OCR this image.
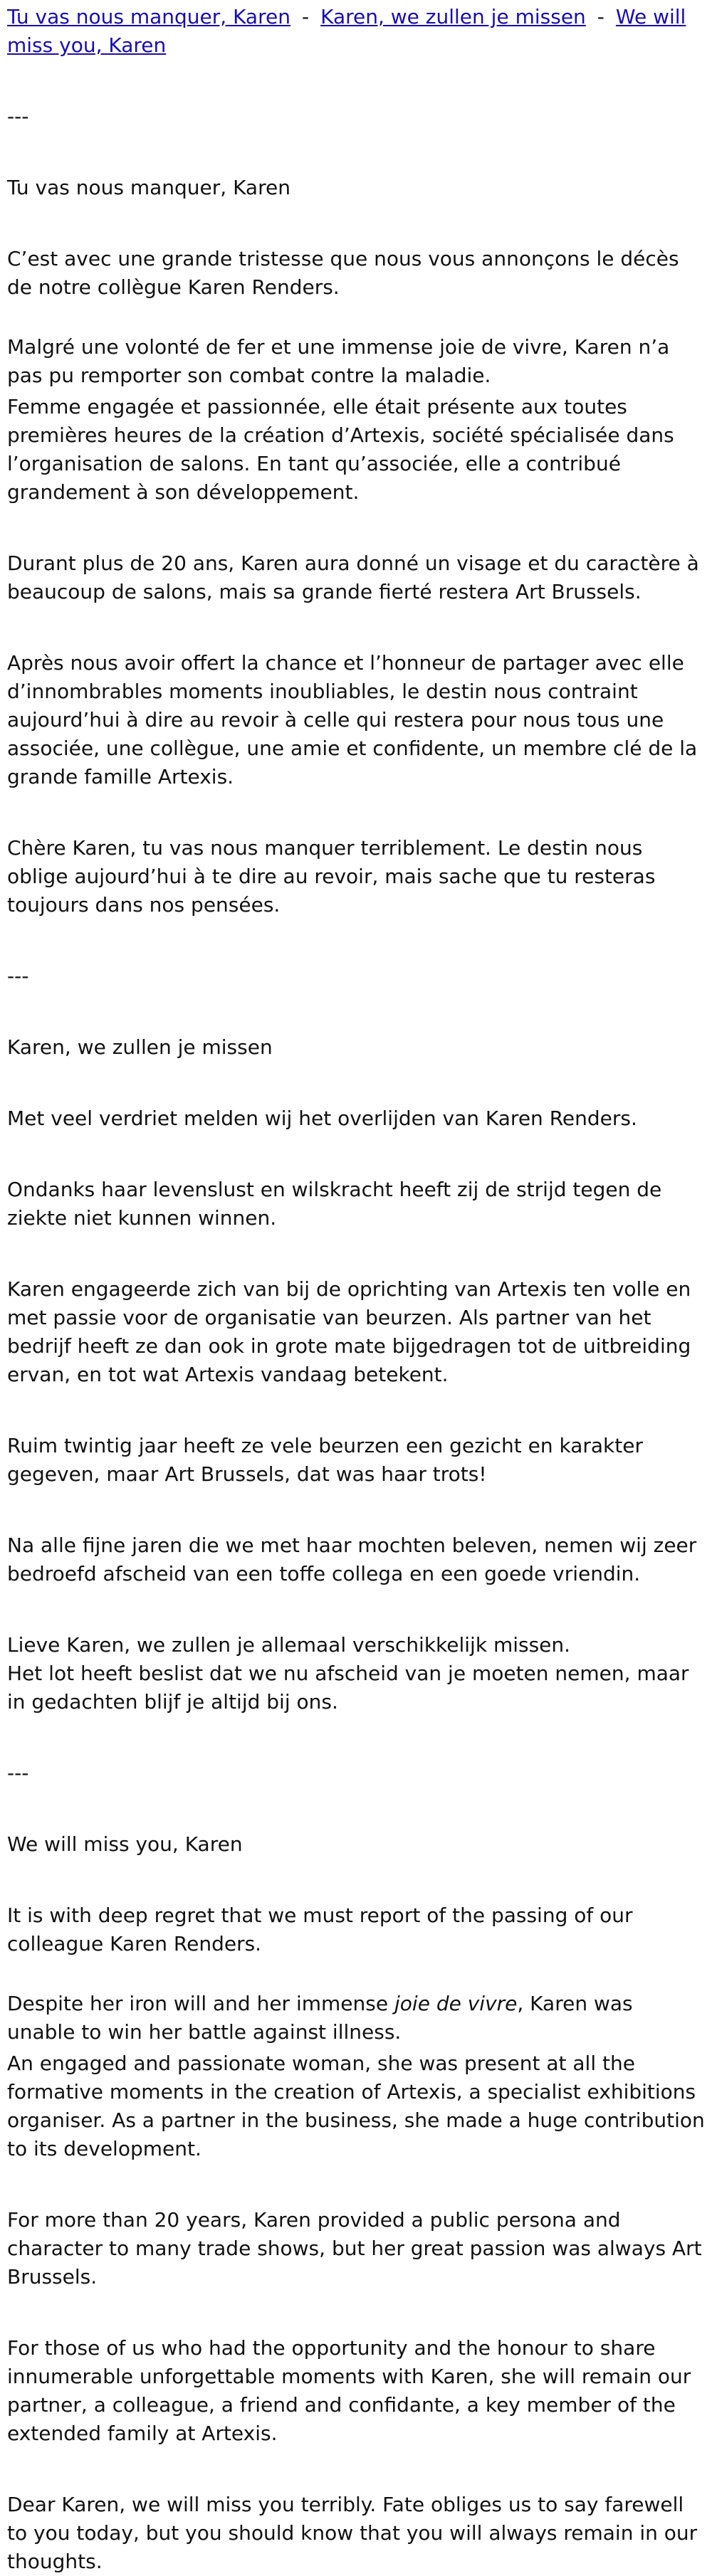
Tu vas nous manquer, Karen - Karen, we zullen je missen - We will miss you, Karen
---
Tu vas nous manquer, Karen

C’est avec une grande tristesse que nous vous annonçons le décès de notre collègue Karen Renders.

Malgré une volonté de fer et une immense joie de vivre, Karen n’a pas pu remporter son combat contre la maladie.

Femme engagée et passionnée, elle était présente aux toutes premières heures de la création d’Artexis, société spécialisée dans l’organisation de salons. En tant qu’associée, elle a contribué grandement à son développement.

Durant plus de 20 ans, Karen aura donné un visage et du caractère à beaucoup de salons, mais sa grande fierté restera Art Brussels.

Après nous avoir offert la chance et l’honneur de partager avec elle d’innombrables moments inoubliables, le destin nous contraint aujourd’hui à dire au revoir à celle qui restera pour nous tous une associée, une collègue, une amie et confidente, un membre clé de la grande famille Artexis.

Chère Karen, tu vas nous manquer terriblement. Le destin nous oblige aujourd’hui à te dire au revoir, mais sache que tu resteras toujours dans nos pensées.

---
Karen, we zullen je missen

Met veel verdriet melden wij het overlijden van Karen Renders.

Ondanks haar levenslust en wilskracht heeft zij de strijd tegen de ziekte niet kunnen winnen.

Karen engageerde zich van bij de oprichting van Artexis ten volle en met passie voor de organisatie van beurzen. Als partner van het bedrijf heeft ze dan ook in grote mate bijgedragen tot de uitbreiding ervan, en tot wat Artexis vandaag betekent.

Ruim twintig jaar heeft ze vele beurzen een gezicht en karakter gegeven, maar Art Brussels, dat was haar trots!

Na alle fijne jaren die we met haar mochten beleven, nemen wij zeer bedroefd afscheid van een toffe collega en een goede vriendin.

Lieve Karen, we zullen je allemaal verschikkelijk missen.
Het lot heeft beslist dat we nu afscheid van je moeten nemen, maar in gedachten blijf je altijd bij ons.

---
We will miss you, Karen

It is with deep regret that we must report of the passing of our colleague Karen Renders.

Despite her iron will and her immense joie de vivre, Karen was unable to win her battle against illness.

An engaged and passionate woman, she was present at all the formative moments in the creation of Artexis, a specialist exhibitions organiser. As a partner in the business, she made a huge contribution to its development.

For more than 20 years, Karen provided a public persona and character to many trade shows, but her great passion was always Art Brussels.

For those of us who had the opportunity and the honour to share innumerable unforgettable moments with Karen, she will remain our partner, a colleague, a friend and confidante, a key member of the extended family at Artexis.

Dear Karen, we will miss you terribly. Fate obliges us to say farewell to you today, but you should know that you will always remain in our thoughts.
